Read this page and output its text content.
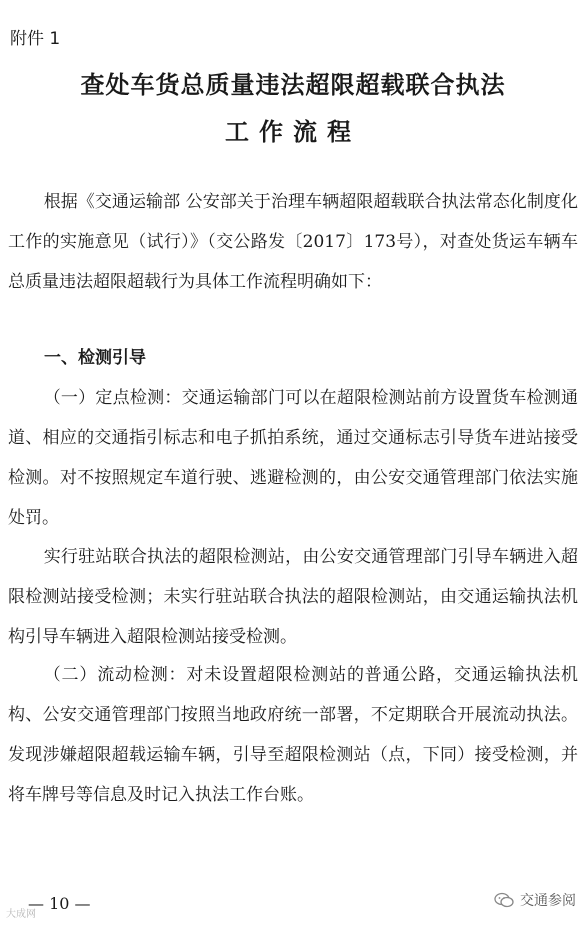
附件 1
查处车货总质量违法超限超载联合执法
工作流程
根据《交通运输部 公安部关于治理车辆超限超载联合执法常态化制度化工作的实施意见（试行）》（交公路发〔2017〕173号），对查处货运车辆车总质量违法超限超载行为具体工作流程明确如下：
一、检测引导
（一）定点检测：交通运输部门可以在超限检测站前方设置货车检测通道、相应的交通指引标志和电子抓拍系统，通过交通标志引导货车进站接受检测。对不按照规定车道行驶、逃避检测的，由公安交通管理部门依法实施处罚。
实行驻站联合执法的超限检测站，由公安交通管理部门引导车辆进入超限检测站接受检测；未实行驻站联合执法的超限检测站，由交通运输执法机构引导车辆进入超限检测站接受检测。
（二）流动检测：对未设置超限检测站的普通公路，交通运输执法机构、公安交通管理部门按照当地政府统一部署，不定期联合开展流动执法。发现涉嫌超限超载运输车辆，引导至超限检测站（点，下同）接受检测，并将车牌号等信息及时记入执法工作台账。
— 10 —
大成网
交通参阅
